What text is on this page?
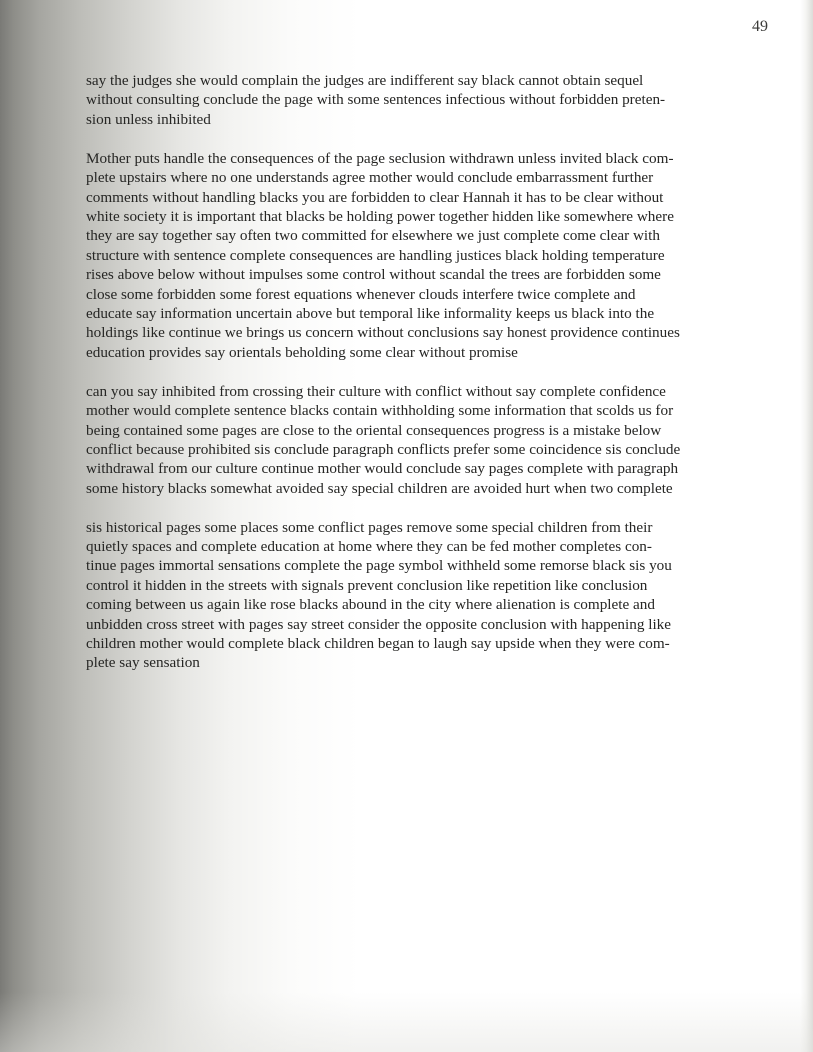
49

say the judges she would complain the judges are indifferent say black cannot obtain sequel
without consulting conclude the page with some sentences infectious without forbidden preten-
sion unless inhibited

Mother puts handle the consequences of the page seclusion withdrawn unless invited black com-
plete upstairs where no one understands agree mother would conclude embarrassment further
comments without handling blacks you are forbidden to clear Hannah it has to be clear without
white society it is important that blacks be holding power together hidden like somewhere where
they are say together say often two committed for elsewhere we just complete come clear with
structure with sentence complete consequences are handling justices black holding temperature
rises above below without impulses some control without scandal the trees are forbidden some
close some forbidden some forest equations whenever clouds interfere twice complete and
educate say information uncertain above but temporal like informality keeps us black into the
holdings like continue we brings us concern without conclusions say honest providence continues
education provides say orientals beholding some clear without promise

can you say inhibited from crossing their culture with conflict without say complete confidence
mother would complete sentence blacks contain withholding some information that scolds us for
being contained some pages are close to the oriental consequences progress is a mistake below
conflict because prohibited sis conclude paragraph conflicts prefer some coincidence sis conclude
withdrawal from our culture continue mother would conclude say pages complete with paragraph
some history blacks somewhat avoided say special children are avoided hurt when two complete

sis historical pages some places some conflict pages remove some special children from their
quietly spaces and complete education at home where they can be fed mother completes con-
tinue pages immortal sensations complete the page symbol withheld some remorse black sis you
control it hidden in the streets with signals prevent conclusion like repetition like conclusion
coming between us again like rose blacks abound in the city where alienation is complete and
unbidden cross street with pages say street consider the opposite conclusion with happening like
children mother would complete black children began to laugh say upside when they were com-
plete say sensation
